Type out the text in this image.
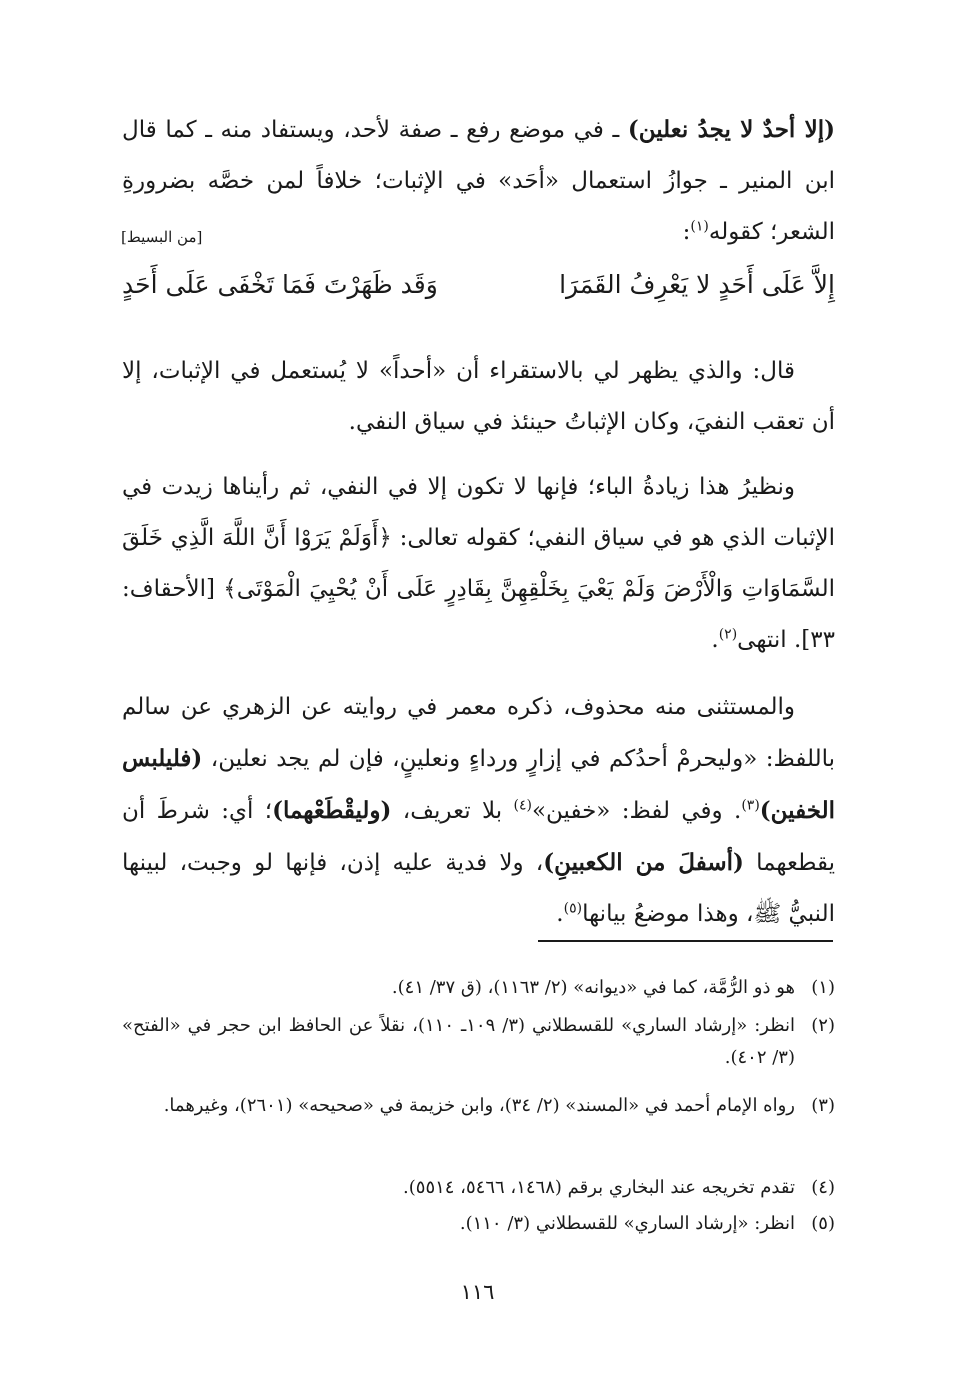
(إلا أحدٌ لا يجدُ نعلين) ـ في موضع رفع ـ صفة لأحد، ويستفاد منه ـ كما قال ابن المنير ـ جوازُ استعمال «أحَد» في الإثبات؛ خلافاً لمن خصَّه بضرورةِ الشعر؛ كقوله$^{(١)}$:

[من البسيط]
وَقَد ظَهَرْتَ فَمَا تَخْفَى عَلَى أَحَدٍ	إِلاَّ عَلَى أَحَدٍ لا يَعْرِفُ القَمَرَا

قال: والذي يظهر لي بالاستقراء أن «أحداً» لا يُستعمل في الإثبات، إلا أن تعقب النفيَ، وكان الإثباتُ حينئذ في سياق النفي.

ونظيرُ هذا زيادةُ الباء؛ فإنها لا تكون إلا في النفي، ثم رأيناها زيدت في الإثبات الذي هو في سياق النفي؛ كقوله تعالى: ﴿أَوَلَمْ يَرَوْا أَنَّ اللَّهَ الَّذِي خَلَقَ السَّمَاوَاتِ وَالْأَرْضَ وَلَمْ يَعْيَ بِخَلْقِهِنَّ بِقَادِرٍ عَلَى أَنْ يُحْيِيَ الْمَوْتَى﴾ [الأحقاف: ٣٣]. انتهى$^{(٢)}$.

والمستثنى منه محذوف، ذكره معمر في روايته عن الزهري عن سالم باللفظ: «وليحرمْ أحدُكم في إزارٍ ورداءٍ ونعلينٍ، فإن لم يجد نعلين، (فليلبس الخفين)$^{(٣)}$. وفي لفظ: «خفين»$^{(٤)}$ بلا تعريف، (وليقْطَعْهما)؛ أي: شرطَ أن يقطعهما (أسفلَ من الكعبينِ)، ولا فدية عليه إذن، فإنها لو وجبت، لبينها النبيُّ ﷺ، وهذا موضعُ بيانها$^{(٥)}$.

(١)
هو ذو الرُّمَّة، كما في «ديوانه» (٢/ ١١٦٣)، (ق ٣٧/ ٤١).
(٢)
انظر: «إرشاد الساري» للقسطلاني (٣/ ١٠٩ـ ١١٠)، نقلاً عن الحافظ ابن حجر في «الفتح» (٣/ ٤٠٢).
(٣)
رواه الإمام أحمد في «المسند» (٢/ ٣٤)، وابن خزيمة في «صحيحه» (٢٦٠١)، وغيرهما.
(٤)
تقدم تخريجه عند البخاري برقم (١٤٦٨، ٥٤٦٦، ٥٥١٤).
(٥)
انظر: «إرشاد الساري» للقسطلاني (٣/ ١١٠).
١١٦
